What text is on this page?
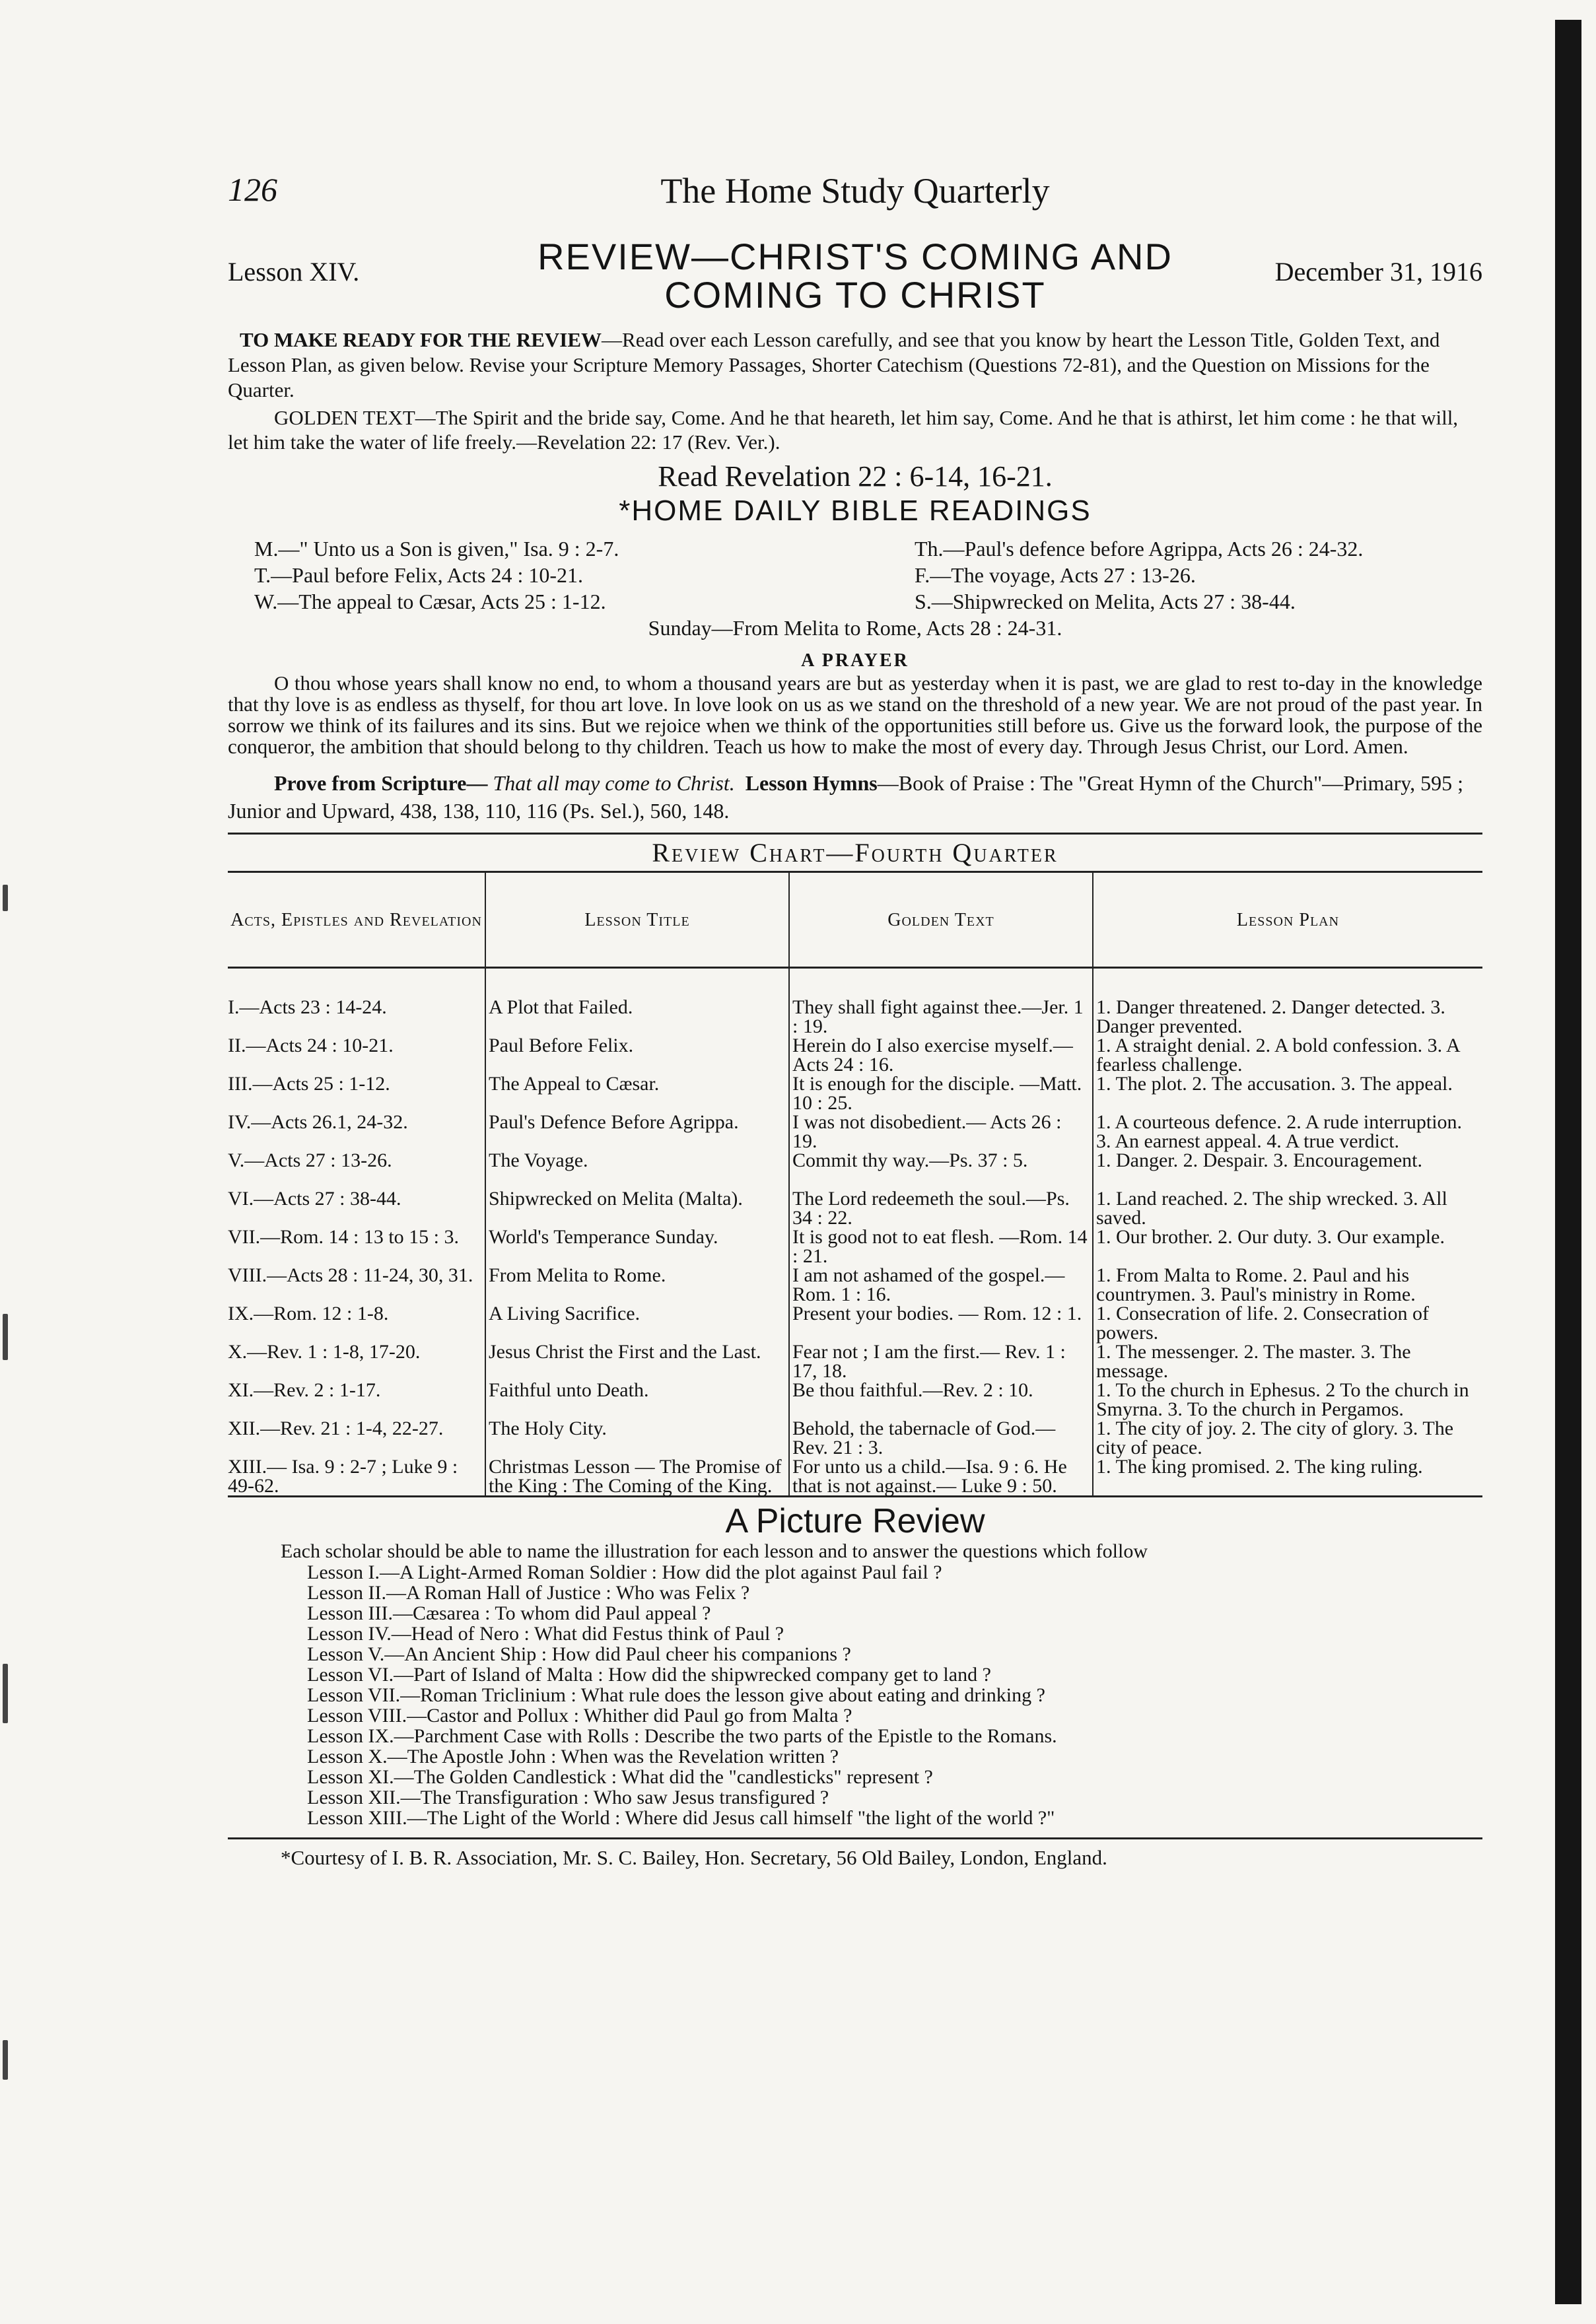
126	The Home Study Quarterly
Lesson XIV.	REVIEW—CHRIST'S COMING AND
COMING TO CHRIST
December 31, 1916
TO MAKE READY FOR THE REVIEW—Read over each Lesson carefully, and see that you know by heart the Lesson Title, Golden Text, and Lesson Plan, as given below. Revise your Scripture Memory Passages, Shorter Catechism (Questions 72-81), and the Question on Missions for the Quarter.
GOLDEN TEXT—The Spirit and the bride say, Come. And he that heareth, let him say, Come. And he that is athirst, let him come : he that will, let him take the water of life freely.—Revelation 22: 17 (Rev. Ver.).
Read Revelation 22 : 6-14, 16-21.
*HOME DAILY BIBLE READINGS
M.—" Unto us a Son is given," Isa. 9 : 2-7.	Th.—Paul's defence before Agrippa, Acts 26 : 24-32.
T.—Paul before Felix, Acts 24 : 10-21.	F.—The voyage, Acts 27 : 13-26.
W.—The appeal to Cæsar, Acts 25 : 1-12.	S.—Shipwrecked on Melita, Acts 27 : 38-44.
Sunday—From Melita to Rome, Acts 28 : 24-31.
A PRAYER
O thou whose years shall know no end, to whom a thousand years are but as yesterday when it is past, we are glad to rest to-day in the knowledge that thy love is as endless as thyself, for thou art love. In love look on us as we stand on the threshold of a new year. We are not proud of the past year. In sorrow we think of its failures and its sins. But we rejoice when we think of the opportunities still before us. Give us the forward look, the purpose of the conqueror, the ambition that should belong to thy children. Teach us how to make the most of every day. Through Jesus Christ, our Lord. Amen.
Prove from Scripture— That all may come to Christ. Lesson Hymns—Book of Praise : The "Great Hymn of the Church"—Primary, 595 ; Junior and Upward, 438, 138, 110, 116 (Ps. Sel.), 560, 148.
Review Chart—Fourth Quarter
Acts, Epistles and Revelation	Lesson Title	Golden Text	Lesson Plan
I.—Acts 23 : 14-24.	A Plot that Failed.	They shall fight against thee.—Jer. 1 : 19.	1. Danger threatened. 2. Danger detected. 3. Danger prevented.
II.—Acts 24 : 10-21.	Paul Before Felix.	Herein do I also exercise myself.—Acts 24 : 16.	1. A straight denial. 2. A bold confession. 3. A fearless challenge.
III.—Acts 25 : 1-12.	The Appeal to Cæsar.	It is enough for the disciple. —Matt. 10 : 25.	1. The plot. 2. The accusation. 3. The appeal.
IV.—Acts 26.1, 24-32.	Paul's Defence Before Agrippa.	I was not disobedient.— Acts 26 : 19.	1. A courteous defence. 2. A rude interruption. 3. An earnest appeal. 4. A true verdict.
V.—Acts 27 : 13-26.	The Voyage.	Commit thy way.—Ps. 37 : 5.	1. Danger. 2. Despair. 3. Encouragement.
VI.—Acts 27 : 38-44.	Shipwrecked on Melita (Malta).	The Lord redeemeth the soul.—Ps. 34 : 22.	1. Land reached. 2. The ship wrecked. 3. All saved.
VII.—Rom. 14 : 13 to 15 : 3.	World's Temperance Sunday.	It is good not to eat flesh. —Rom. 14 : 21.	1. Our brother. 2. Our duty. 3. Our example.
VIII.—Acts 28 : 11-24, 30, 31.	From Melita to Rome.	I am not ashamed of the gospel.—Rom. 1 : 16.	1. From Malta to Rome. 2. Paul and his countrymen. 3. Paul's ministry in Rome.
IX.—Rom. 12 : 1-8.	A Living Sacrifice.	Present your bodies. — Rom. 12 : 1.	1. Consecration of life. 2. Consecration of powers.
X.—Rev. 1 : 1-8, 17-20.	Jesus Christ the First and the Last.	Fear not ; I am the first.— Rev. 1 : 17, 18.	1. The messenger. 2. The master. 3. The message.
XI.—Rev. 2 : 1-17.	Faithful unto Death.	Be thou faithful.—Rev. 2 : 10.	1. To the church in Ephesus. 2 To the church in Smyrna. 3. To the church in Pergamos.
XII.—Rev. 21 : 1-4, 22-27.	The Holy City.	Behold, the tabernacle of God.—Rev. 21 : 3.	1. The city of joy. 2. The city of glory. 3. The city of peace.
XIII.— Isa. 9 : 2-7 ; Luke 9 : 49-62.	Christmas Lesson — The Promise of the King : The Coming of the King.	For unto us a child.—Isa. 9 : 6. He that is not against.— Luke 9 : 50.	1. The king promised. 2. The king ruling.
A Picture Review
Each scholar should be able to name the illustration for each lesson and to answer the questions which follow
Lesson I.—A Light-Armed Roman Soldier : How did the plot against Paul fail ?
Lesson II.—A Roman Hall of Justice : Who was Felix ?
Lesson III.—Cæsarea : To whom did Paul appeal ?
Lesson IV.—Head of Nero : What did Festus think of Paul ?
Lesson V.—An Ancient Ship : How did Paul cheer his companions ?
Lesson VI.—Part of Island of Malta : How did the shipwrecked company get to land ?
Lesson VII.—Roman Triclinium : What rule does the lesson give about eating and drinking ?
Lesson VIII.—Castor and Pollux : Whither did Paul go from Malta ?
Lesson IX.—Parchment Case with Rolls : Describe the two parts of the Epistle to the Romans.
Lesson X.—The Apostle John : When was the Revelation written ?
Lesson XI.—The Golden Candlestick : What did the "candlesticks" represent ?
Lesson XII.—The Transfiguration : Who saw Jesus transfigured ?
Lesson XIII.—The Light of the World : Where did Jesus call himself "the light of the world ?"
*Courtesy of I. B. R. Association, Mr. S. C. Bailey, Hon. Secretary, 56 Old Bailey, London, England.
